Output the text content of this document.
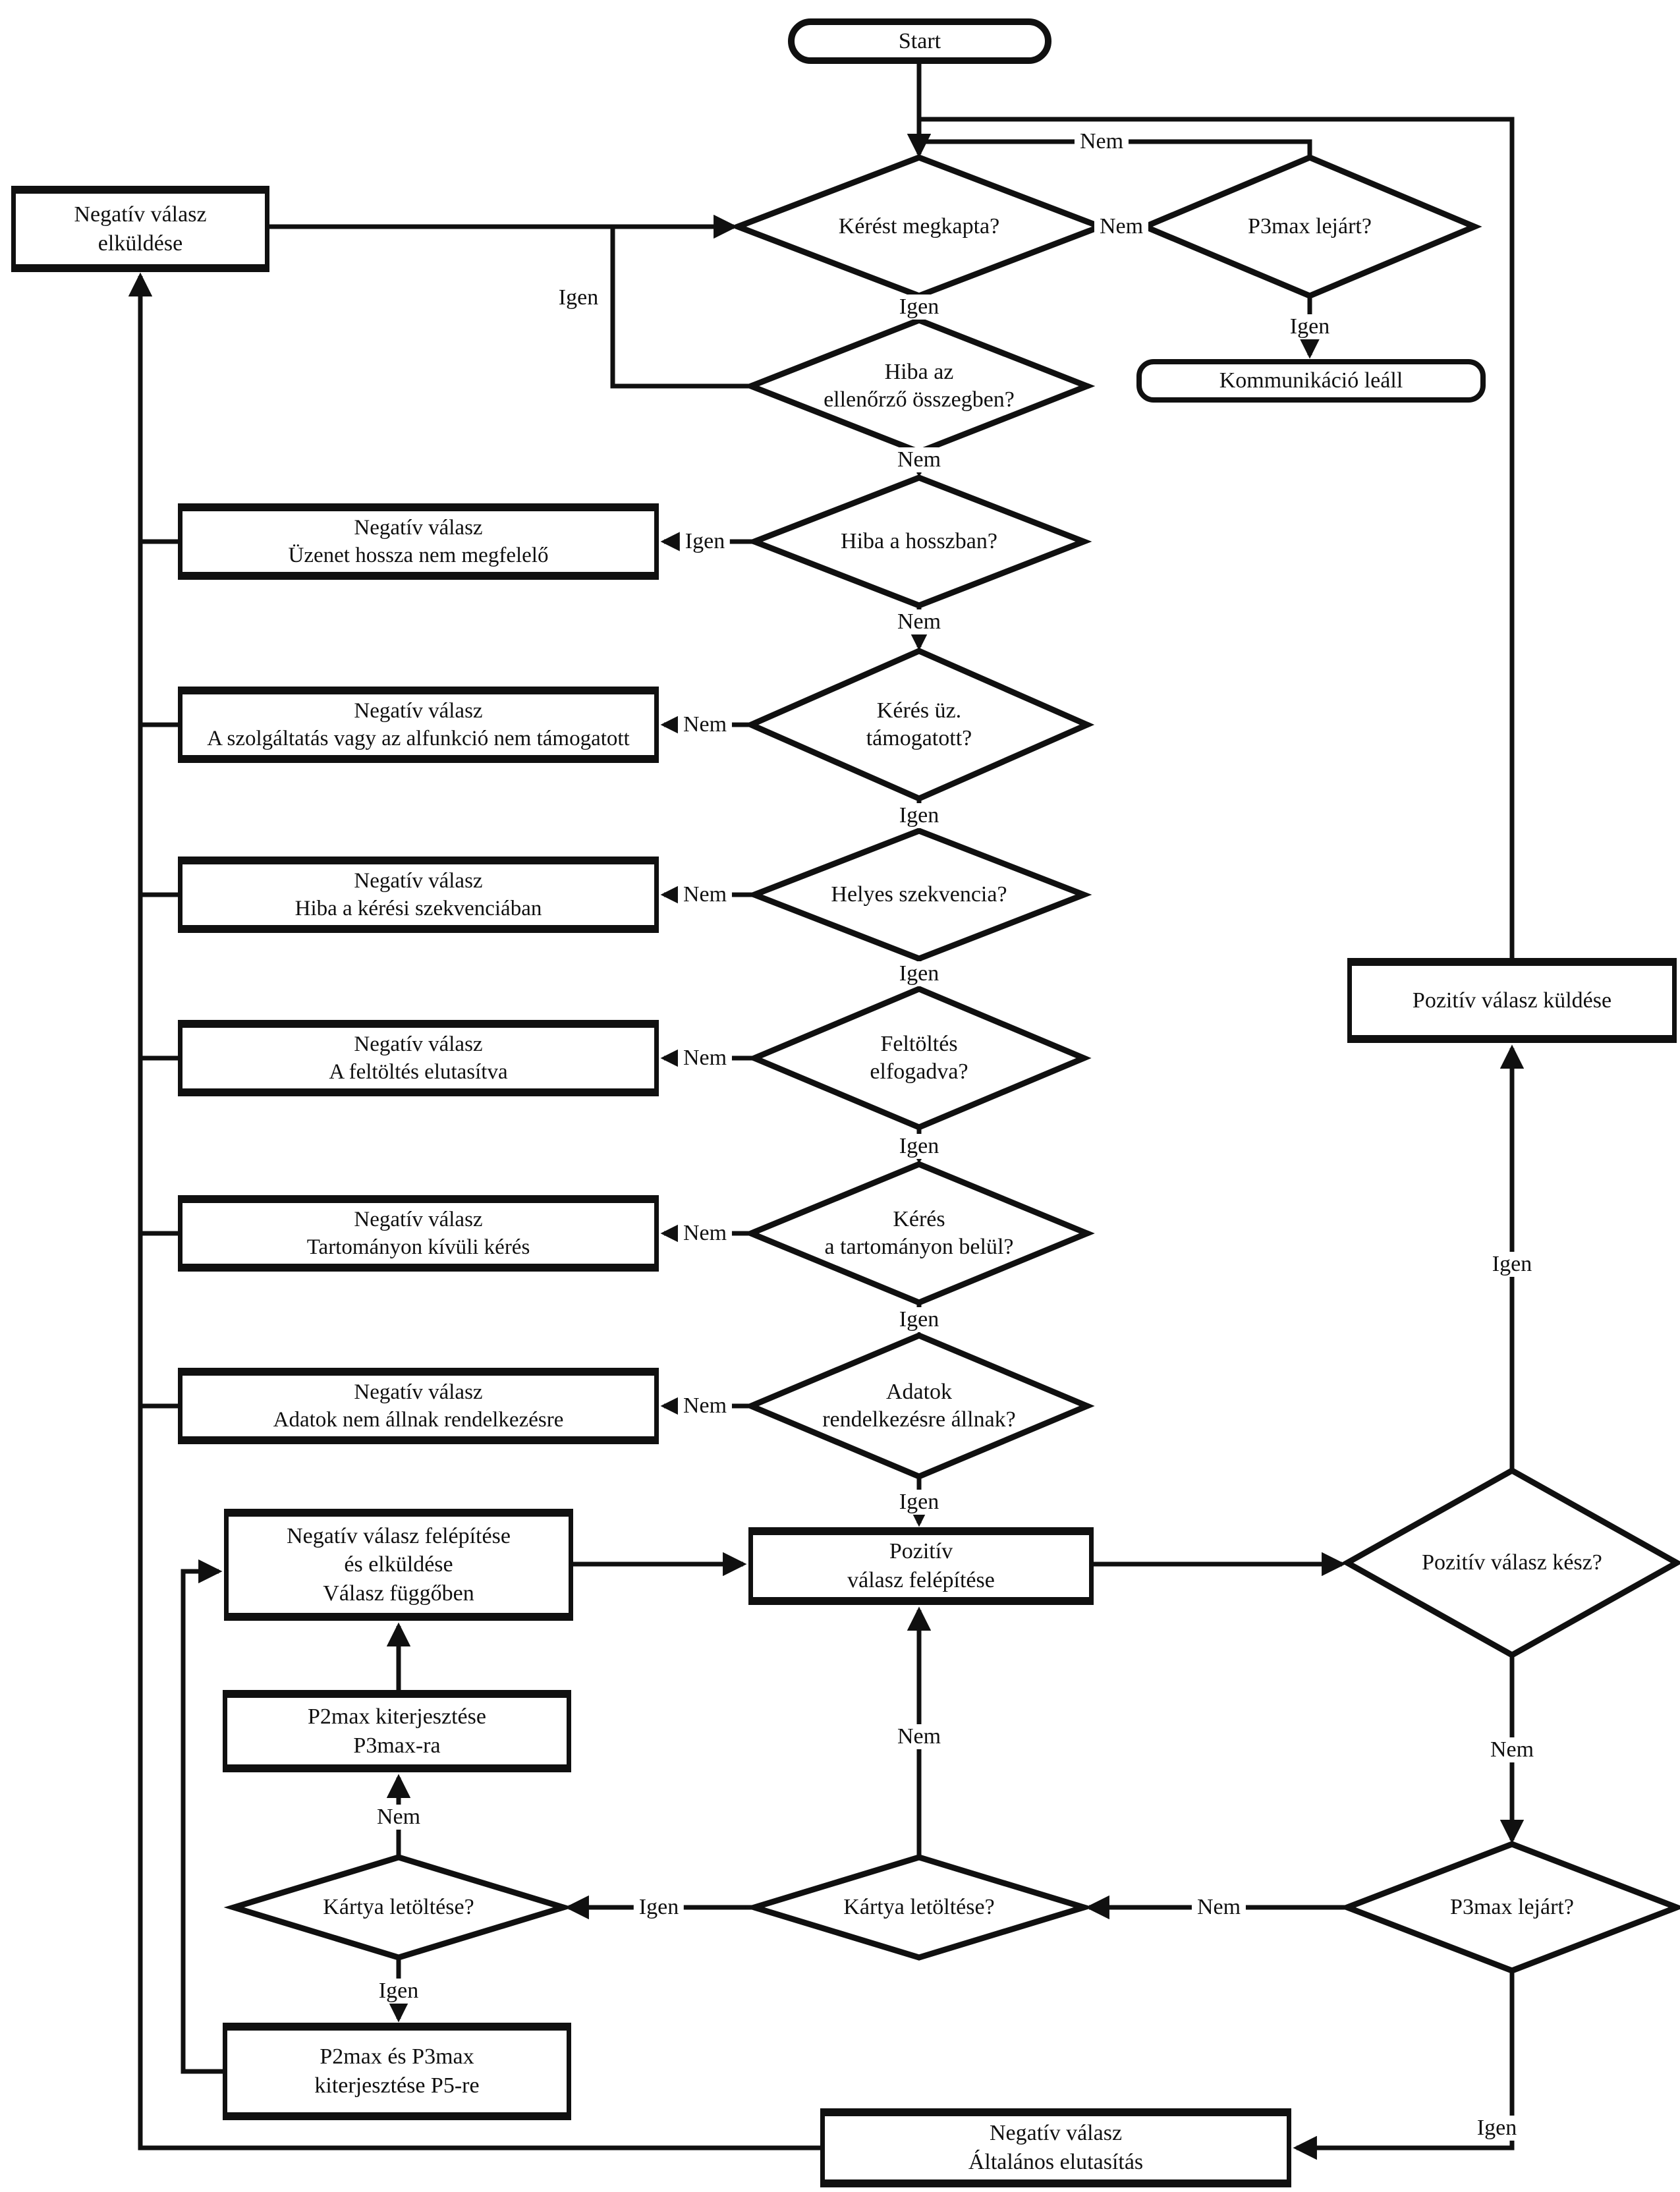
Start
Negatív válasz
elküldése
Kommunikáció leáll
Negatív válasz
Üzenet hossza nem megfelelő
Negatív válasz
A szolgáltatás vagy az alfunkció nem támogatott
Negatív válasz
Hiba a kérési szekvenciában
Negatív válasz
A feltöltés elutasítva
Negatív válasz
Tartományon kívüli kérés
Negatív válasz
Adatok nem állnak rendelkezésre
Negatív válasz felépítése
és elküldése
Válasz függőben
Pozitív
válasz felépítése
Pozitív válasz küldése
P2max kiterjesztése
P3max-ra
P2max és P3max
kiterjesztése P5-re
Negatív válasz
Általános elutasítás
Kérést megkapta?	P3max lejárt?
Hiba az
ellenőrző összegben?
Hiba a hosszban?
Kérés üz.
támogatott?
Helyes szekvencia?
Feltöltés
elfogadva?
Kérés
a tartományon belül?
Adatok
rendelkezésre állnak?
Pozitív válasz kész?
Kártya letöltése?	Kártya letöltése?	P3max lejárt?
Igen
Igen
Igen
Igen
Igen
Igen
Igen
Igen
Igen
Igen
Igen
Igen
Igen
Nem
Nem
Nem
Nem
Nem
Nem
Nem
Nem
Nem
Nem
Nem
Nem
Nem
